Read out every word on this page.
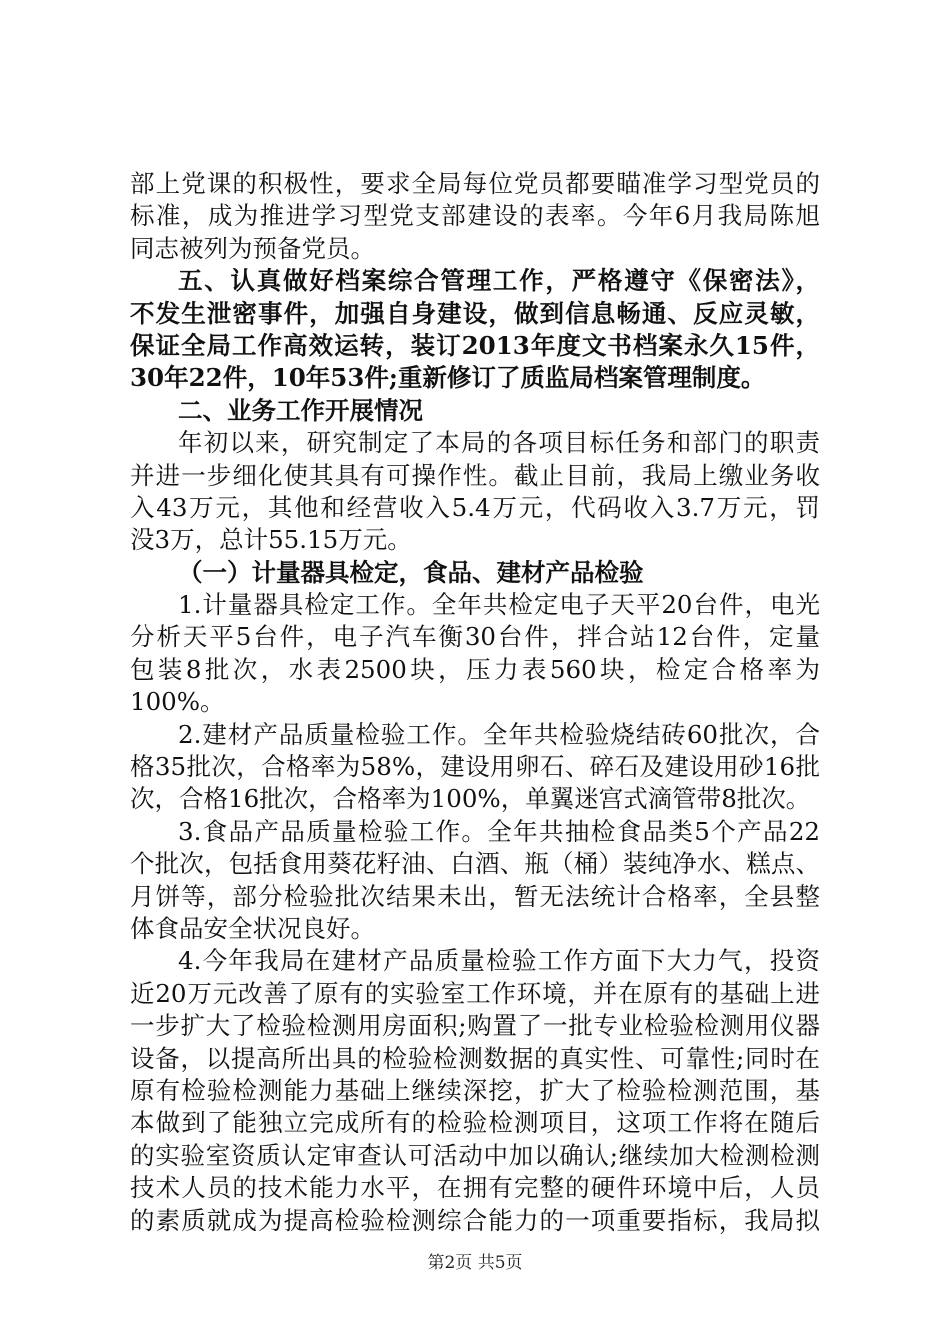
部上党课的积极性，要求全局每位党员都要瞄准学习型党员的
标准，成为推进学习型党支部建设的表率。今年6月我局陈旭
同志被列为预备党员。
五、认真做好档案综合管理工作，严格遵守《保密法》，
不发生泄密事件，加强自身建设，做到信息畅通、反应灵敏，
保证全局工作高效运转，装订2013年度文书档案永久15件，
30年22件，10年53件;重新修订了质监局档案管理制度。
二、业务工作开展情况
年初以来，研究制定了本局的各项目标任务和部门的职责
并进一步细化使其具有可操作性。截止目前，我局上缴业务收
入43万元，其他和经营收入5.4万元，代码收入3.7万元，罚
没3万，总计55.15万元。
（一）计量器具检定，食品、建材产品检验
1.计量器具检定工作。全年共检定电子天平20台件，电光
分析天平5台件，电子汽车衡30台件，拌合站12台件，定量
包装8批次，水表2500块，压力表560块，检定合格率为
100%。
2.建材产品质量检验工作。全年共检验烧结砖60批次，合
格35批次，合格率为58%，建设用卵石、碎石及建设用砂16批
次，合格16批次，合格率为100%，单翼迷宫式滴管带8批次。
3.食品产品质量检验工作。全年共抽检食品类5个产品22
个批次，包括食用葵花籽油、白酒、瓶（桶）装纯净水、糕点、
月饼等，部分检验批次结果未出，暂无法统计合格率，全县整
体食品安全状况良好。
4.今年我局在建材产品质量检验工作方面下大力气，投资
近20万元改善了原有的实验室工作环境，并在原有的基础上进
一步扩大了检验检测用房面积;购置了一批专业检验检测用仪器
设备，以提高所出具的检验检测数据的真实性、可靠性;同时在
原有检验检测能力基础上继续深挖，扩大了检验检测范围，基
本做到了能独立完成所有的检验检测项目，这项工作将在随后
的实验室资质认定审查认可活动中加以确认;继续加大检测检测
技术人员的技术能力水平，在拥有完整的硬件环境中后，人员
的素质就成为提高检验检测综合能力的一项重要指标，我局拟
第2页 共5页
